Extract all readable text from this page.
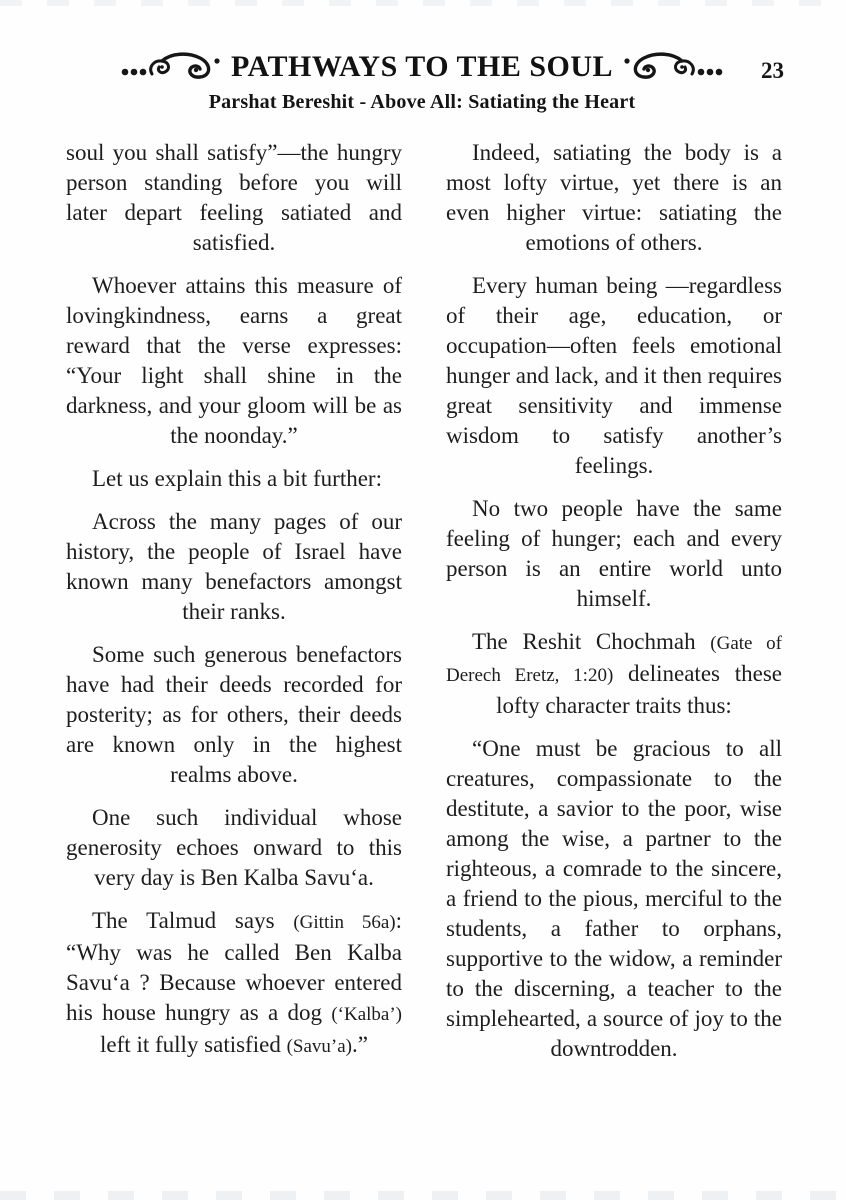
PATHWAYS TO THE SOUL
Parshat Bereshit - Above All: Satiating the Heart
23

soul you shall satisfy”—the hungry person standing before you will later depart feeling satiated and satisfied.

Whoever attains this measure of lovingkindness, earns a great reward that the verse expresses: “Your light shall shine in the darkness, and your gloom will be as the noonday.”

Let us explain this a bit further:

Across the many pages of our history, the people of Israel have known many benefactors amongst their ranks.

Some such generous benefactors have had their deeds recorded for posterity; as for others, their deeds are known only in the highest realms above.

One such individual whose generosity echoes onward to this very day is Ben Kalba Savu‘a.

The Talmud says (Gittin 56a): “Why was he called Ben Kalba Savu‘a ? Because whoever entered his house hungry as a dog (‘Kalba’) left it fully satisfied (Savu’a).”

Indeed, satiating the body is a most lofty virtue, yet there is an even higher virtue: satiating the emotions of others.

Every human being —regardless of their age, education, or occupation—often feels emotional hunger and lack, and it then requires great sensitivity and immense wisdom to satisfy another’s feelings.

No two people have the same feeling of hunger; each and every person is an entire world unto himself.

The Reshit Chochmah (Gate of Derech Eretz, 1:20) delineates these lofty character traits thus:

“One must be gracious to all creatures, compassionate to the destitute, a savior to the poor, wise among the wise, a partner to the righteous, a comrade to the sincere, a friend to the pious, merciful to the students, a father to orphans, supportive to the widow, a reminder to the discerning, a teacher to the simplehearted, a source of joy to the downtrodden.
